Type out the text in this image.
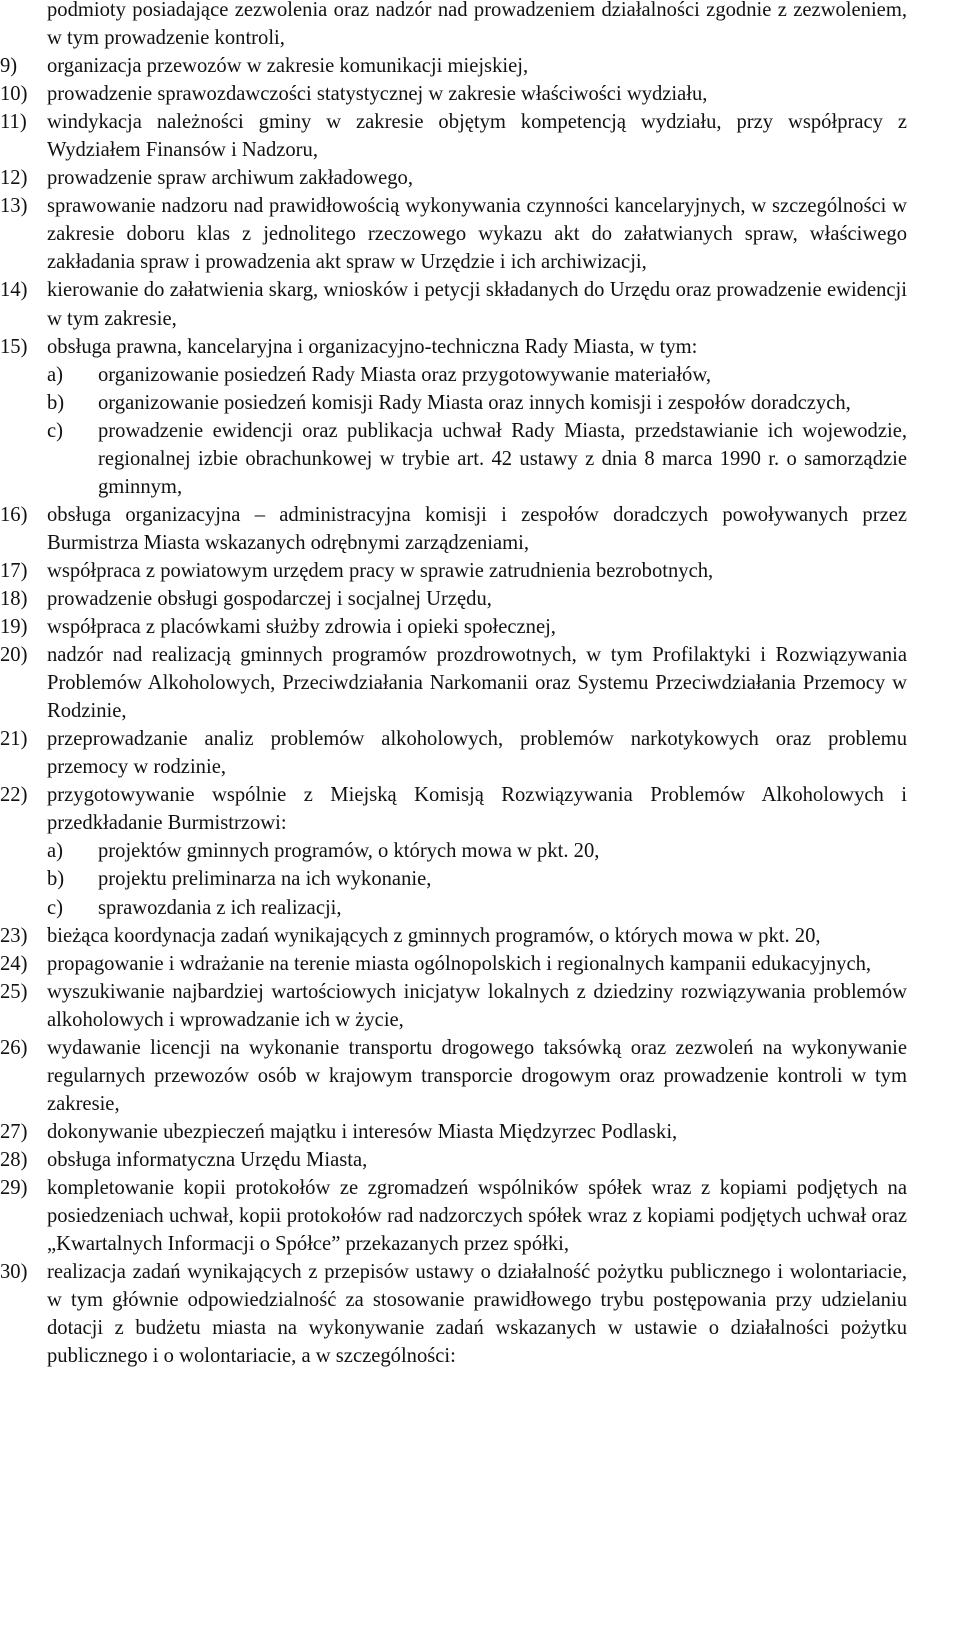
podmioty posiadające zezwolenia oraz nadzór nad prowadzeniem działalności zgodnie z zezwoleniem, w tym prowadzenie kontroli,

9) organizacja przewozów w zakresie komunikacji miejskiej,

10) prowadzenie sprawozdawczości statystycznej w zakresie właściwości wydziału,

11) windykacja należności gminy w zakresie objętym kompetencją wydziału, przy współpracy z Wydziałem Finansów i Nadzoru,

12) prowadzenie spraw archiwum zakładowego,

13) sprawowanie nadzoru nad prawidłowością wykonywania czynności kancelaryjnych, w szczególności w zakresie doboru klas z jednolitego rzeczowego wykazu akt do załatwianych spraw, właściwego zakładania spraw i prowadzenia akt spraw w Urzędzie i ich archiwizacji,

14) kierowanie do załatwienia skarg, wniosków i petycji składanych do Urzędu oraz prowadzenie ewidencji w tym zakresie,

15) obsługa prawna, kancelaryjna i organizacyjno-techniczna Rady Miasta, w tym:

a) organizowanie posiedzeń Rady Miasta oraz przygotowywanie materiałów,

b) organizowanie posiedzeń komisji Rady Miasta oraz innych komisji i zespołów doradczych,

c) prowadzenie ewidencji oraz publikacja uchwał Rady Miasta, przedstawianie ich wojewodzie, regionalnej izbie obrachunkowej w trybie art. 42 ustawy z dnia 8 marca 1990 r. o samorządzie gminnym,

16) obsługa organizacyjna – administracyjna komisji i zespołów doradczych powoływanych przez Burmistrza Miasta wskazanych odrębnymi zarządzeniami,

17) współpraca z powiatowym urzędem pracy w sprawie zatrudnienia bezrobotnych,

18) prowadzenie obsługi gospodarczej i socjalnej Urzędu,

19) współpraca z placówkami służby zdrowia i opieki społecznej,

20) nadzór nad realizacją gminnych programów prozdrowotnych, w tym Profilaktyki i Rozwiązywania Problemów Alkoholowych, Przeciwdziałania Narkomanii oraz Systemu Przeciwdziałania Przemocy w Rodzinie,

21) przeprowadzanie analiz problemów alkoholowych, problemów narkotykowych oraz problemu przemocy w rodzinie,

22) przygotowywanie wspólnie z Miejską Komisją Rozwiązywania Problemów Alkoholowych i przedkładanie Burmistrzowi:

a) projektów gminnych programów, o których mowa w pkt. 20,

b) projektu preliminarza na ich wykonanie,

c) sprawozdania z ich realizacji,

23) bieżąca koordynacja zadań wynikających z gminnych programów, o których mowa w pkt. 20,

24) propagowanie i wdrażanie na terenie miasta ogólnopolskich i regionalnych kampanii edukacyjnych,

25) wyszukiwanie najbardziej wartościowych inicjatyw lokalnych z dziedziny rozwiązywania problemów alkoholowych i wprowadzanie ich w życie,

26) wydawanie licencji na wykonanie transportu drogowego taksówką oraz zezwoleń na wykonywanie regularnych przewozów osób w krajowym transporcie drogowym oraz prowadzenie kontroli w tym zakresie,

27) dokonywanie ubezpieczeń majątku i interesów Miasta Międzyrzec Podlaski,

28) obsługa informatyczna Urzędu Miasta,

29) kompletowanie kopii protokołów ze zgromadzeń wspólników spółek wraz z kopiami podjętych na posiedzeniach uchwał, kopii protokołów rad nadzorczych spółek wraz z kopiami podjętych uchwał oraz „Kwartalnych Informacji o Spółce” przekazanych przez spółki,

30) realizacja zadań wynikających z przepisów ustawy o działalność pożytku publicznego i wolontariacie, w tym głównie odpowiedzialność za stosowanie prawidłowego trybu postępowania przy udzielaniu dotacji z budżetu miasta na wykonywanie zadań wskazanych w ustawie o działalności pożytku publicznego i o wolontariacie, a w szczególności:
